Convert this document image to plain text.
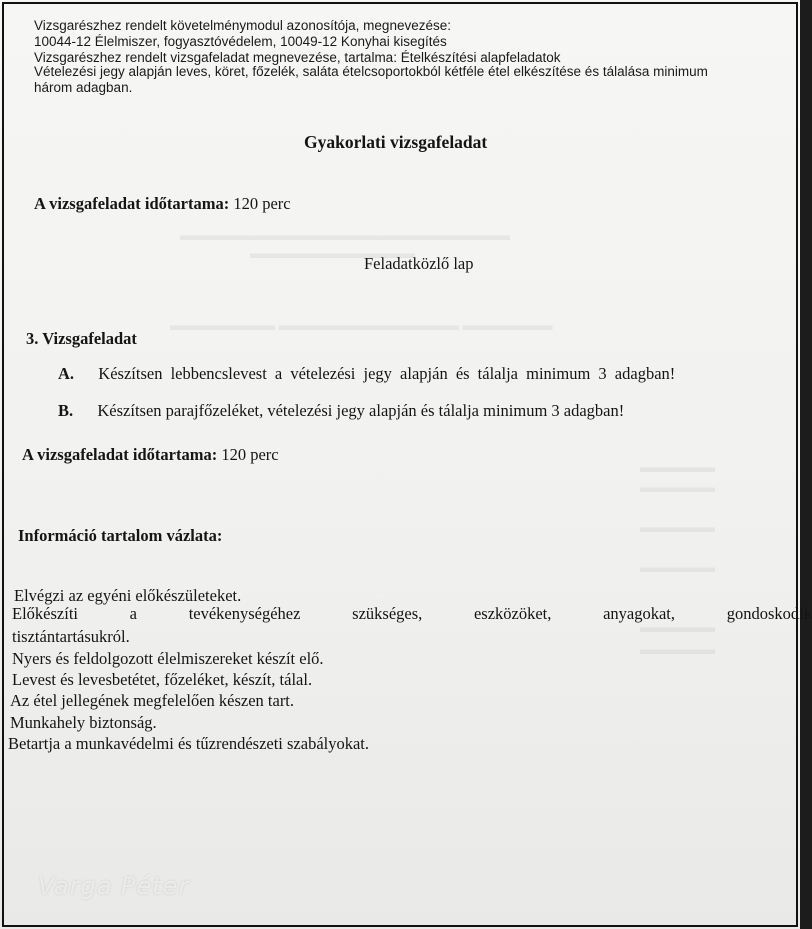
▬▬▬▬▬▬▬▬▬▬▬▬▬▬▬▬▬▬▬▬▬▬
▬▬▬▬▬▬▬▬▬▬▬
▬▬▬▬▬▬▬ ▬▬▬▬▬▬▬▬▬▬▬▬ ▬▬▬▬▬▬
▬▬▬▬▬
▬▬▬▬▬
▬▬▬▬▬
▬▬▬▬▬
▬▬▬▬▬
▬▬▬▬▬
Vizsgarészhez rendelt követelménymodul azonosítója, megnevezése:
10044-12 Élelmiszer, fogyasztóvédelem, 10049-12 Konyhai kisegítés
Vizsgarészhez rendelt vizsgafeladat megnevezése, tartalma: Ételkészítési alapfeladatok
Vételezési jegy alapján leves, köret, főzelék, saláta ételcsoportokból kétféle étel elkészítése és tálalása minimum
három adagban.
Gyakorlati vizsgafeladat
A vizsgafeladat időtartama: 120 perc
Feladatközlő lap
3. Vizsgafeladat
A. Készítsen lebbencslevest a vételezési jegy alapján és tálalja minimum 3 adagban!
B. Készítsen parajfőzeléket, vételezési jegy alapján és tálalja minimum 3 adagban!
A vizsgafeladat időtartama: 120 perc
Információ tartalom vázlata:
Elvégzi az egyéni előkészületeket.
Előkészíti	a	tevékenységéhez	szükséges,	eszközöket,	anyagokat,	gondoskodik
tisztántartásukról.
Nyers és feldolgozott élelmiszereket készít elő.
Levest és levesbetétet, főzeléket, készít, tálal.
Az étel jellegének megfelelően készen tart.
Munkahely biztonság.
Betartja a munkavédelmi és tűzrendészeti szabályokat.
Varga Péter
